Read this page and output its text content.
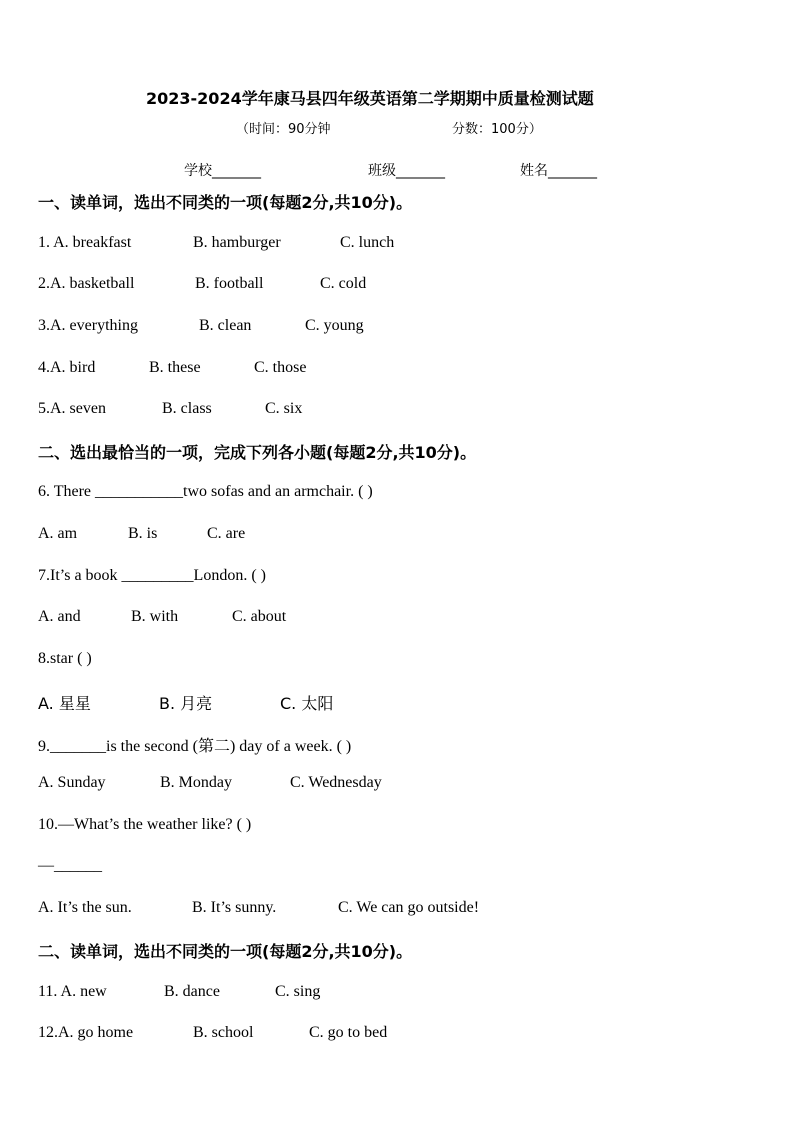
2023-2024学年康马县四年级英语第二学期期中质量检测试题
（时间：90分钟	分数：100分）
学校_______	班级_______	姓名_______
一、读单词，选出不同类的一项(每题2分,共10分)。
1. A. breakfast	B. hamburger	C. lunch
2.A. basketball	B. football	C. cold
3.A. everything	B. clean	C. young
4.A. bird	B. these	C. those
5.A. seven	B. class	C. six
二、选出最恰当的一项，完成下列各小题(每题2分,共10分)。
6. There ___________two sofas and an armchair. ( )
A. am	B. is	C. are
7.It’s a book _________London. ( )
A. and	B. with	C. about
8.star ( )
A. 星星	B. 月亮	C. 太阳
9._______is the second (第二) day of a week. ( )
A. Sunday	B. Monday	C. Wednesday
10.—What’s the weather like? ( )
—______
A. It’s the sun.	B. It’s sunny.	C. We can go outside!
二、读单词，选出不同类的一项(每题2分,共10分)。
11. A. new	B. dance	C. sing
12.A. go home	B. school	C. go to bed
